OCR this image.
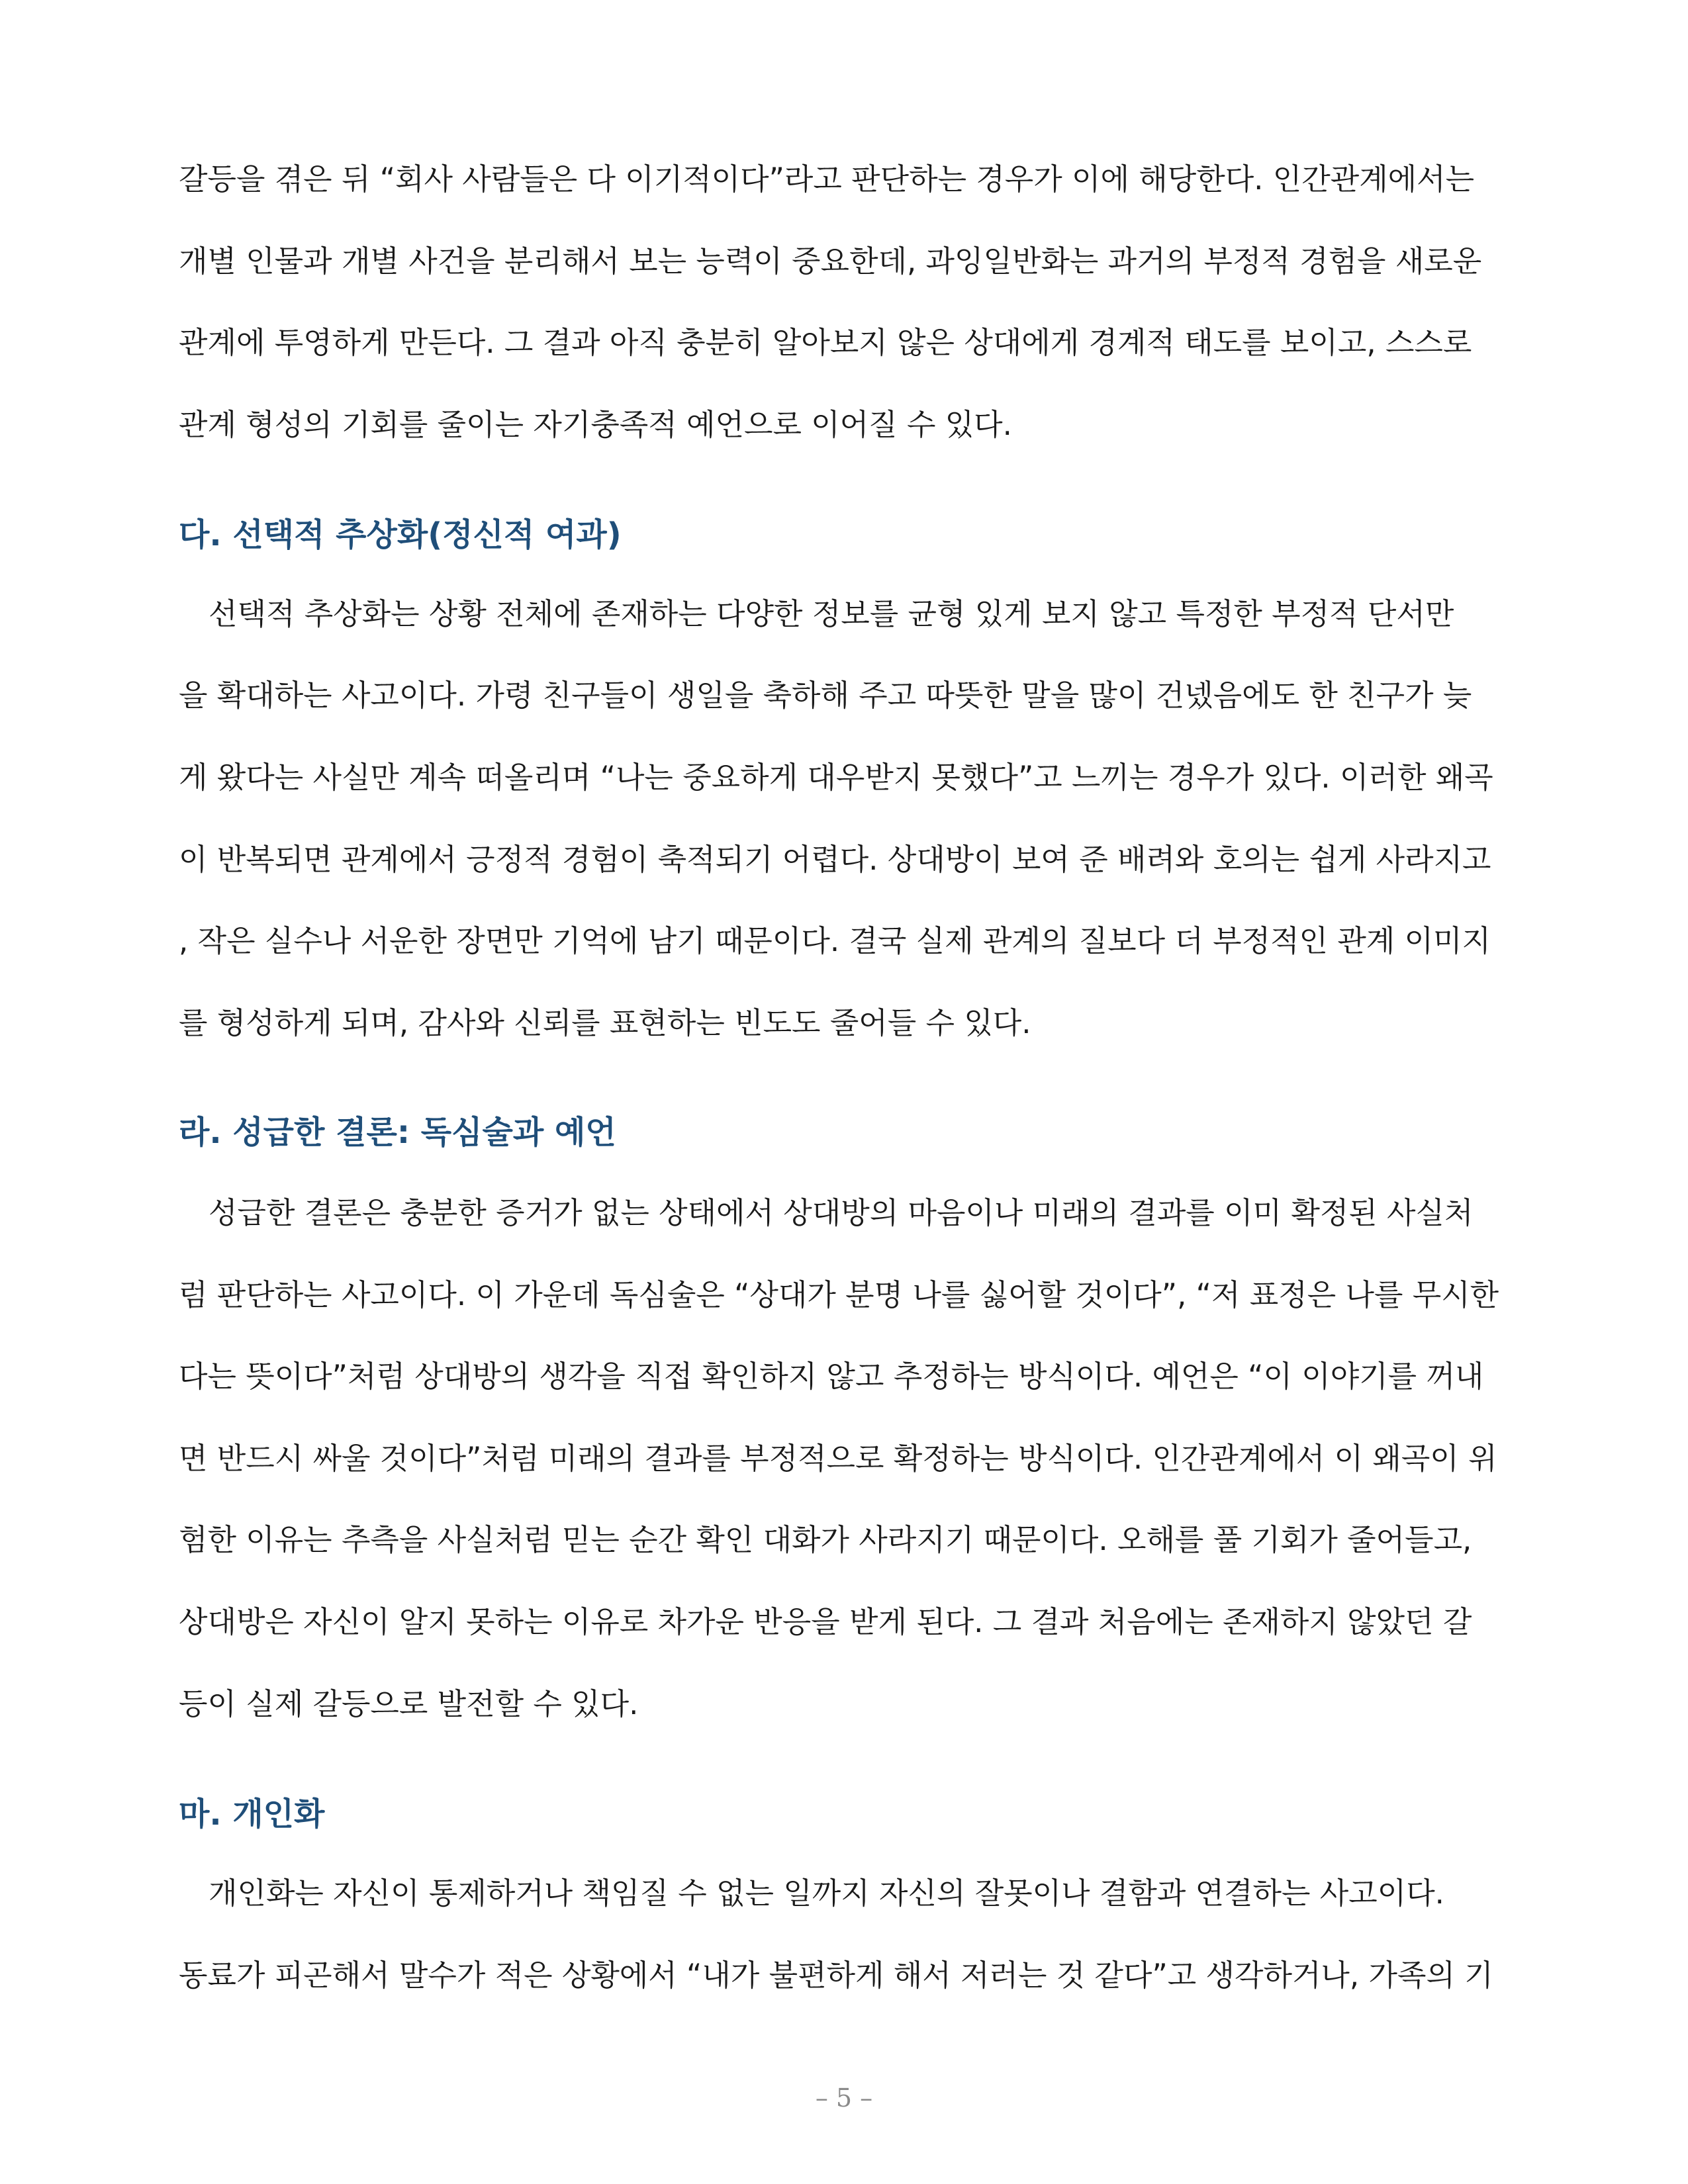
갈등을 겪은 뒤 “회사 사람들은 다 이기적이다”라고 판단하는 경우가 이에 해당한다. 인간관계에서는
개별 인물과 개별 사건을 분리해서 보는 능력이 중요한데, 과잉일반화는 과거의 부정적 경험을 새로운
관계에 투영하게 만든다. 그 결과 아직 충분히 알아보지 않은 상대에게 경계적 태도를 보이고, 스스로
관계 형성의 기회를 줄이는 자기충족적 예언으로 이어질 수 있다.
다. 선택적 추상화(정신적 여과)
　선택적 추상화는 상황 전체에 존재하는 다양한 정보를 균형 있게 보지 않고 특정한 부정적 단서만
을 확대하는 사고이다. 가령 친구들이 생일을 축하해 주고 따뜻한 말을 많이 건넸음에도 한 친구가 늦
게 왔다는 사실만 계속 떠올리며 “나는 중요하게 대우받지 못했다”고 느끼는 경우가 있다. 이러한 왜곡
이 반복되면 관계에서 긍정적 경험이 축적되기 어렵다. 상대방이 보여 준 배려와 호의는 쉽게 사라지고
, 작은 실수나 서운한 장면만 기억에 남기 때문이다. 결국 실제 관계의 질보다 더 부정적인 관계 이미지
를 형성하게 되며, 감사와 신뢰를 표현하는 빈도도 줄어들 수 있다.
라. 성급한 결론: 독심술과 예언
　성급한 결론은 충분한 증거가 없는 상태에서 상대방의 마음이나 미래의 결과를 이미 확정된 사실처
럼 판단하는 사고이다. 이 가운데 독심술은 “상대가 분명 나를 싫어할 것이다”, “저 표정은 나를 무시한
다는 뜻이다”처럼 상대방의 생각을 직접 확인하지 않고 추정하는 방식이다. 예언은 “이 이야기를 꺼내
면 반드시 싸울 것이다”처럼 미래의 결과를 부정적으로 확정하는 방식이다. 인간관계에서 이 왜곡이 위
험한 이유는 추측을 사실처럼 믿는 순간 확인 대화가 사라지기 때문이다. 오해를 풀 기회가 줄어들고,
상대방은 자신이 알지 못하는 이유로 차가운 반응을 받게 된다. 그 결과 처음에는 존재하지 않았던 갈
등이 실제 갈등으로 발전할 수 있다.
마. 개인화
　개인화는 자신이 통제하거나 책임질 수 없는 일까지 자신의 잘못이나 결함과 연결하는 사고이다.
동료가 피곤해서 말수가 적은 상황에서 “내가 불편하게 해서 저러는 것 같다”고 생각하거나, 가족의 기
– 5 –
